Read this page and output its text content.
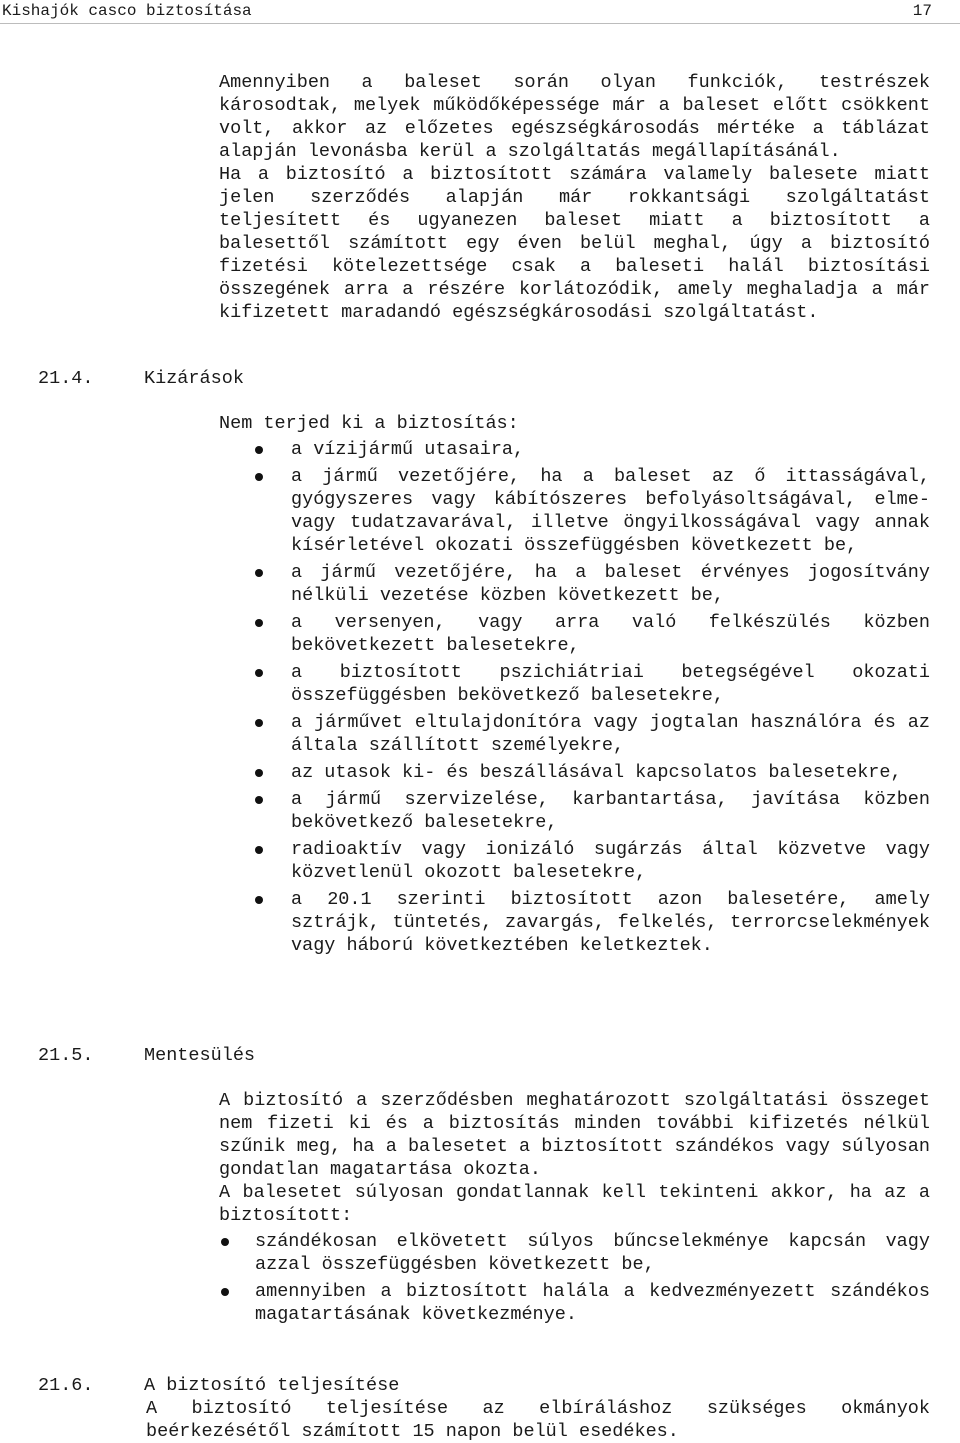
Kishajók casco biztosítása	17

Amennyiben a baleset során olyan funkciók, testrészek károsodtak, melyek működőképessége már a baleset előtt csökkent volt, akkor az előzetes egészségkárosodás mértéke a táblázat alapján levonásba kerül a szolgáltatás megállapításánál.

Ha a biztosító a biztosított számára valamely balesete miatt jelen szerződés alapján már rokkantsági szolgáltatást teljesített és ugyanezen baleset miatt a biztosított a balesettől számított egy éven belül meghal, úgy a biztosító fizetési kötelezettsége csak a baleseti halál biztosítási összegének arra a részére korlátozódik, amely meghaladja a már kifizetett maradandó egészségkárosodási szolgáltatást.

21.4.	Kizárások

Nem terjed ki a biztosítás:

a vízijármű utasaira,
a jármű vezetőjére, ha a baleset az ő ittasságával, gyógyszeres vagy kábítószeres befolyásoltságával, elme- vagy tudatzavarával, illetve öngyilkosságával vagy annak kísérletével okozati összefüggésben következett be,
a jármű vezetőjére, ha a baleset érvényes jogosítvány nélküli vezetése közben következett be,
a versenyen, vagy arra való felkészülés közben bekövetkezett balesetekre,
a biztosított pszichiátriai betegségével okozati összefüggésben bekövetkező balesetekre,
a járművet eltulajdonítóra vagy jogtalan használóra és az általa szállított személyekre,
az utasok ki- és beszállásával kapcsolatos balesetekre,
a jármű szervizelése, karbantartása, javítása közben bekövetkező balesetekre,
radioaktív vagy ionizáló sugárzás által közvetve vagy közvetlenül okozott balesetekre,
a 20.1 szerinti biztosított azon balesetére, amely sztrájk, tüntetés, zavargás, felkelés, terrorcselekmények vagy háború következtében keletkeztek.
21.5.	Mentesülés

A biztosító a szerződésben meghatározott szolgáltatási összeget nem fizeti ki és a biztosítás minden további kifizetés nélkül szűnik meg, ha a balesetet a biztosított szándékos vagy súlyosan gondatlan magatartása okozta.

A balesetet súlyosan gondatlannak kell tekinteni akkor, ha az a biztosított:

szándékosan elkövetett súlyos bűncselekménye kapcsán vagy azzal összefüggésben következett be,
amennyiben a biztosított halála a kedvezményezett szándékos magatartásának következménye.
21.6.	A biztosító teljesítése

A biztosító teljesítése az elbíráláshoz szükséges okmányok beérkezésétől számított 15 napon belül esedékes.
